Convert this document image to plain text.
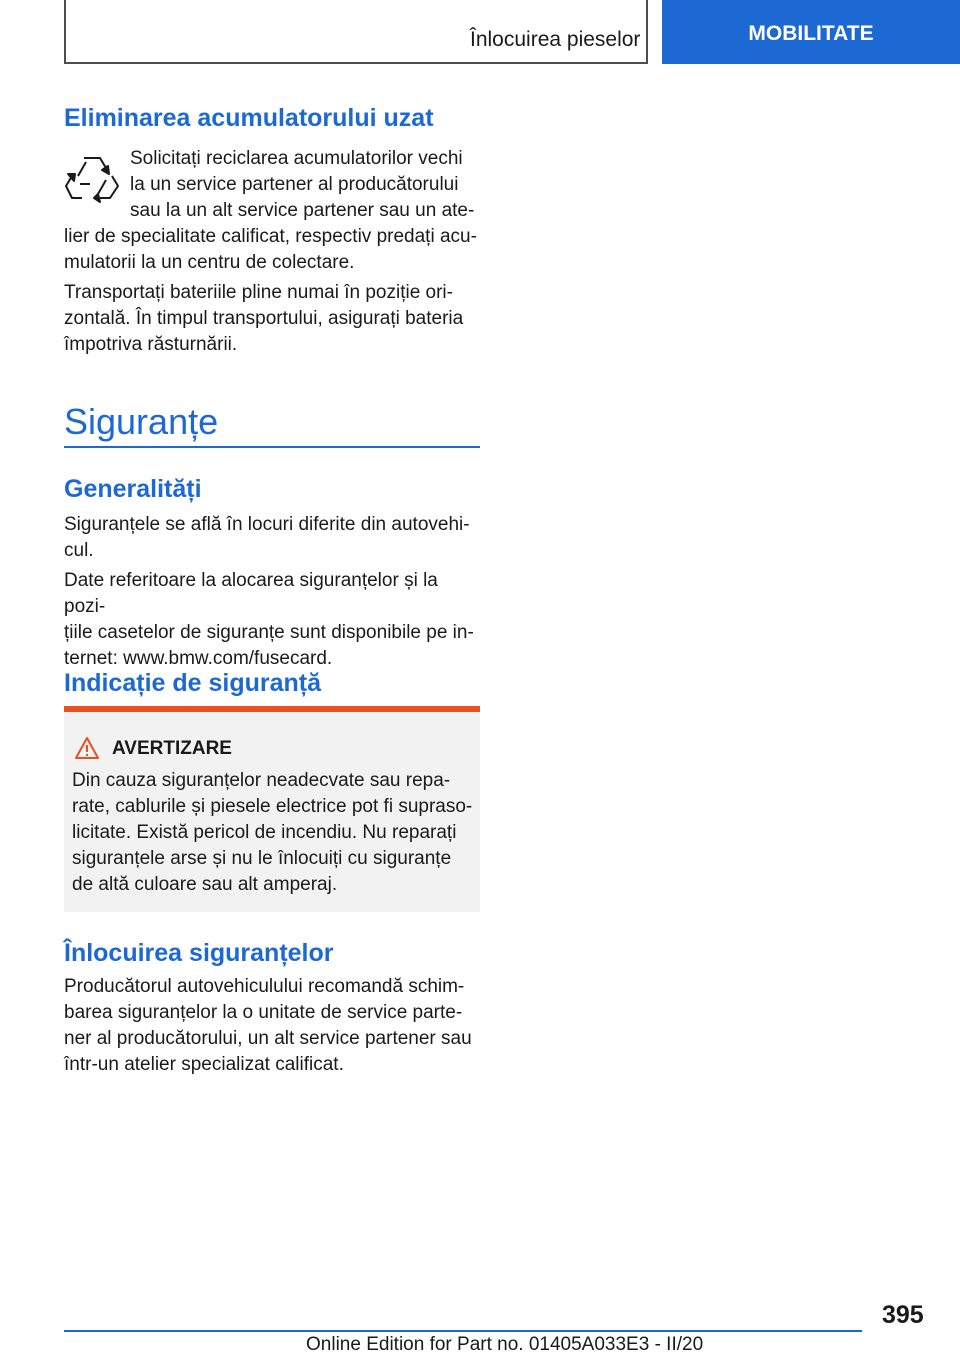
Înlocuirea pieselor	MOBILITATE
Eliminarea acumulatorului uzat

Solicitați reciclarea acumulatorilor vechi

la un service partener al producătorului

sau la un alt service partener sau un ate-

lier de specialitate calificat, respectiv predați acu-

mulatorii la un centru de colectare.

Transportați bateriile pline numai în poziție ori-

zontală. În timpul transportului, asigurați bateria

împotriva răsturnării.

Siguranțe
Generalități

Siguranțele se află în locuri diferite din autovehi-

cul.

Date referitoare la alocarea siguranțelor și la pozi-

țiile casetelor de siguranțe sunt disponibile pe in-

ternet: www.bmw.com/fusecard.

Indicație de siguranță
AVERTIZARE

Din cauza siguranțelor neadecvate sau repa-

rate, cablurile și piesele electrice pot fi supraso-

licitate. Există pericol de incendiu. Nu reparați

siguranțele arse și nu le înlocuiți cu siguranțe

de altă culoare sau alt amperaj.

Înlocuirea siguranțelor

Producătorul autovehiculului recomandă schim-

barea siguranțelor la o unitate de service parte-

ner al producătorului, un alt service partener sau

într-un atelier specializat calificat.

395
Online Edition for Part no. 01405A033E3 - II/20
